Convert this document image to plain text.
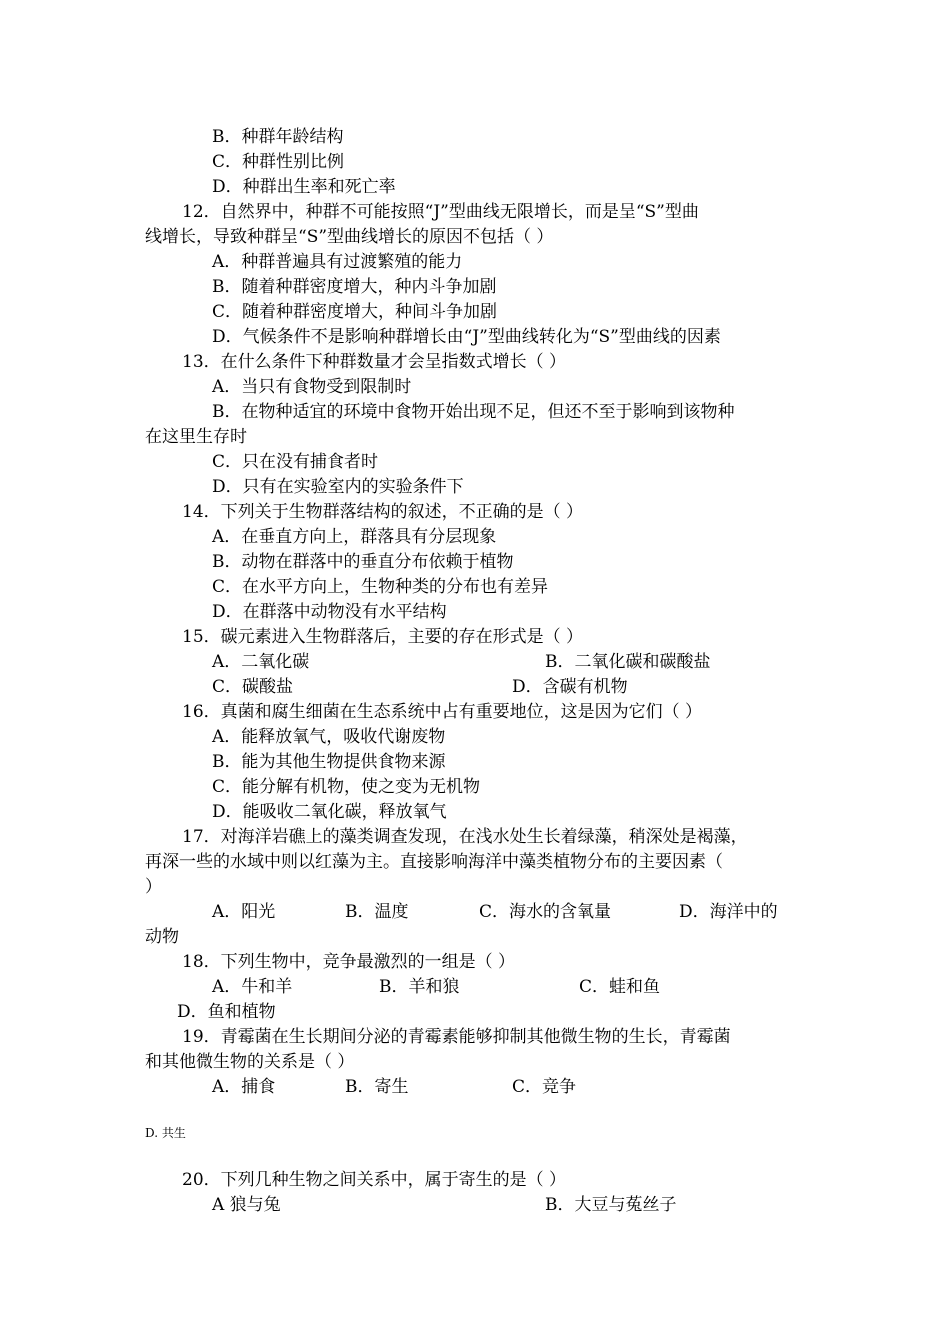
B．种群年龄结构
C．种群性别比例
D．种群出生率和死亡率
12．自然界中，种群不可能按照“J”型曲线无限增长，而是呈“S”型曲
线增长，导致种群呈“S”型曲线增长的原因不包括（ ）
A．种群普遍具有过渡繁殖的能力
B．随着种群密度增大，种内斗争加剧
C．随着种群密度增大，种间斗争加剧
D．气候条件不是影响种群增长由“J”型曲线转化为“S”型曲线的因素
13．在什么条件下种群数量才会呈指数式增长（ ）
A．当只有食物受到限制时
B．在物种适宜的环境中食物开始出现不足，但还不至于影响到该物种
在这里生存时
C．只在没有捕食者时
D．只有在实验室内的实验条件下
14．下列关于生物群落结构的叙述，不正确的是（ ）
A．在垂直方向上，群落具有分层现象
B．动物在群落中的垂直分布依赖于植物
C．在水平方向上，生物种类的分布也有差异
D．在群落中动物没有水平结构
15．碳元素进入生物群落后，主要的存在形式是（ ）
A．二氧化碳	B．二氧化碳和碳酸盐
C．碳酸盐	D．含碳有机物
16．真菌和腐生细菌在生态系统中占有重要地位，这是因为它们（ ）
A．能释放氧气，吸收代谢废物
B．能为其他生物提供食物来源
C．能分解有机物，使之变为无机物
D．能吸收二氧化碳，释放氧气
17．对海洋岩礁上的藻类调查发现，在浅水处生长着绿藻，稍深处是褐藻，
再深一些的水域中则以红藻为主。直接影响海洋中藻类植物分布的主要因素（
）
A．阳光	B．温度	C．海水的含氧量	D．海洋中的
动物
18．下列生物中，竞争最激烈的一组是（ ）
A．牛和羊	B．羊和狼	C．蛙和鱼
D．鱼和植物
19．青霉菌在生长期间分泌的青霉素能够抑制其他微生物的生长，青霉菌
和其他微生物的关系是（ ）
A．捕食	B．寄生	C．竞争
D. 共生
20．下列几种生物之间关系中，属于寄生的是（ ）
A 狼与兔	B．大豆与菟丝子
